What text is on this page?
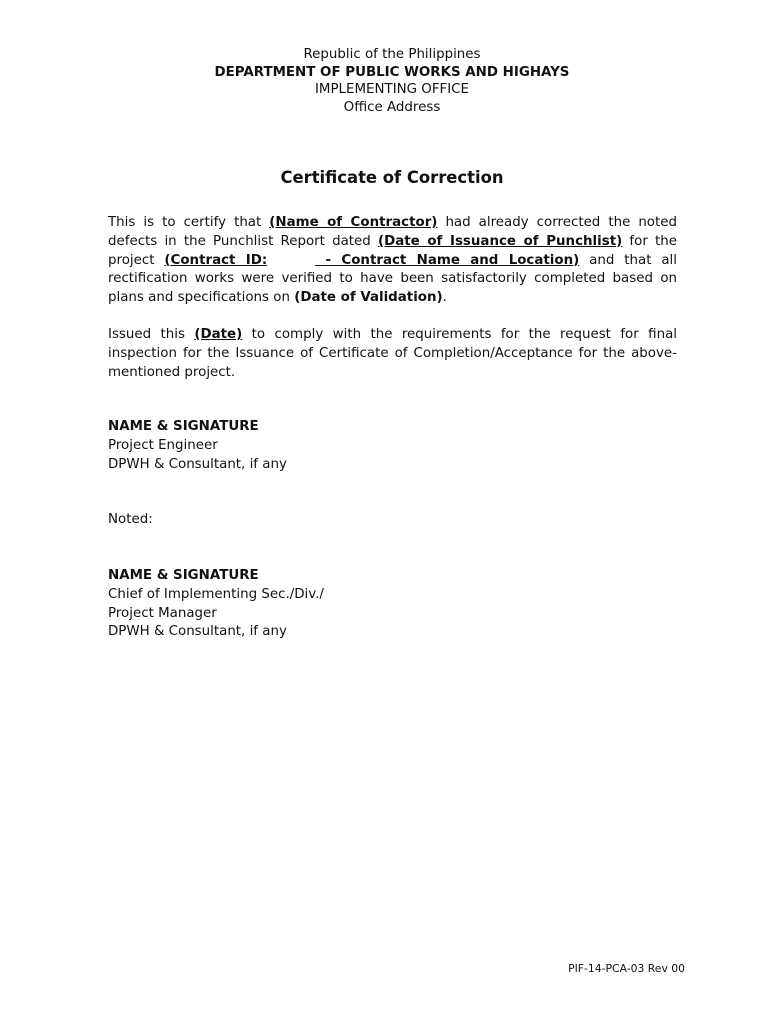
Republic of the Philippines
DEPARTMENT OF PUBLIC WORKS AND HIGHAYS
IMPLEMENTING OFFICE
Office Address
Certificate of Correction
This is to certify that (Name of Contractor) had already corrected the noted defects in the Punchlist Report dated (Date of Issuance of Punchlist) for the project (Contract ID:	- Contract Name and Location) and that all rectification works were verified to have been satisfactorily completed based on plans and specifications on (Date of Validation).
Issued this (Date) to comply with the requirements for the request for final inspection for the Issuance of Certificate of Completion/Acceptance for the above-mentioned project.
NAME & SIGNATURE
Project Engineer
DPWH & Consultant, if any
Noted:
NAME & SIGNATURE
Chief of Implementing Sec./Div./
Project Manager
DPWH & Consultant, if any
PIF-14-PCA-03 Rev 00
